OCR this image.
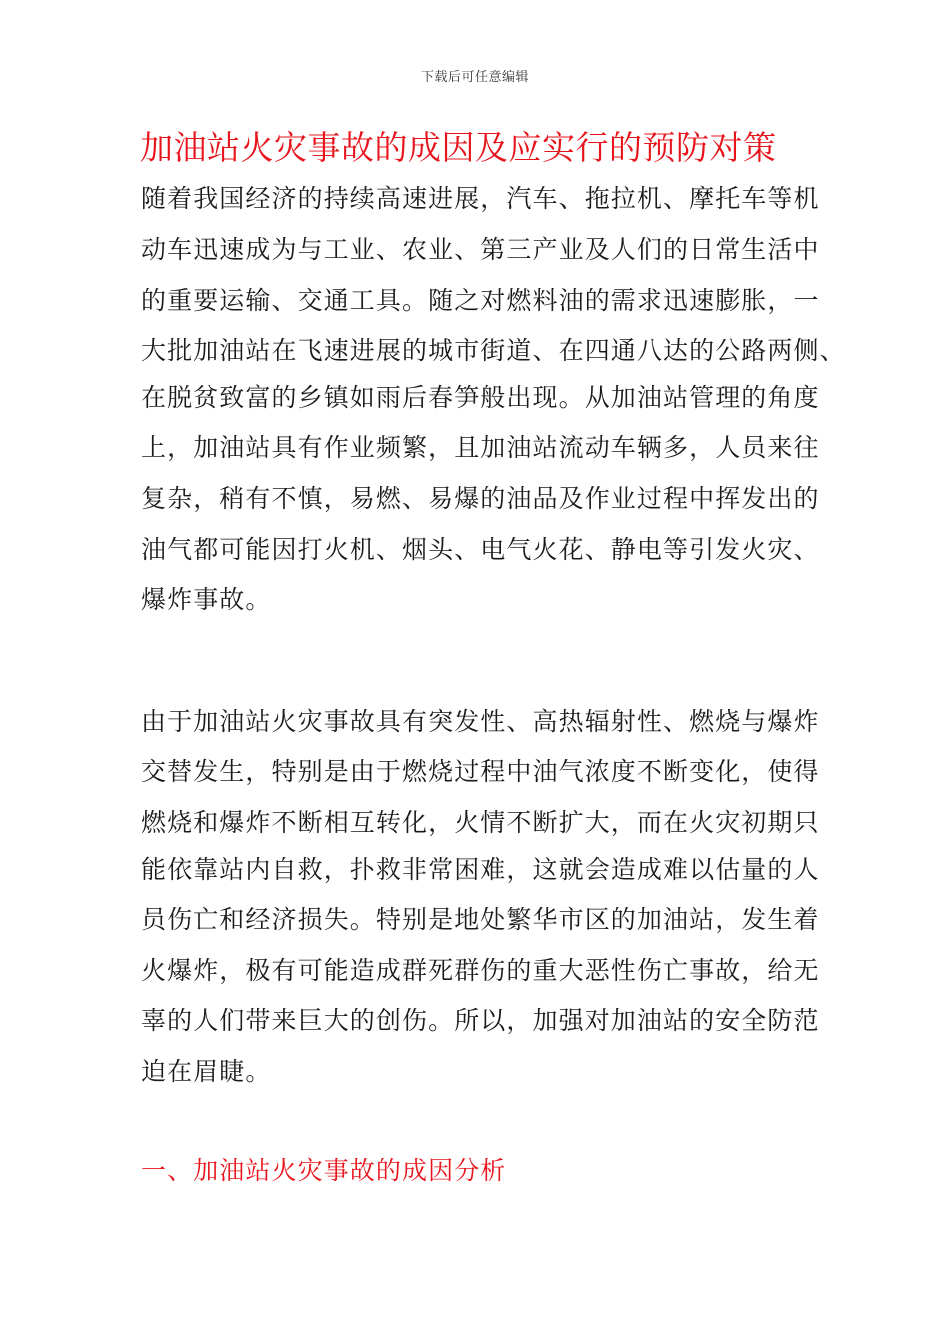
下载后可任意编辑
加油站火灾事故的成因及应实行的预防对策

随着我国经济的持续高速进展，汽车、拖拉机、摩托车等机

动车迅速成为与工业、农业、第三产业及人们的日常生活中

的重要运输、交通工具。随之对燃料油的需求迅速膨胀，一

大批加油站在飞速进展的城市街道、在四通八达的公路两侧、

在脱贫致富的乡镇如雨后春笋般出现。从加油站管理的角度

上，加油站具有作业频繁，且加油站流动车辆多，人员来往

复杂，稍有不慎，易燃、易爆的油品及作业过程中挥发出的

油气都可能因打火机、烟头、电气火花、静电等引发火灾、

爆炸事故。

由于加油站火灾事故具有突发性、高热辐射性、燃烧与爆炸

交替发生，特别是由于燃烧过程中油气浓度不断变化，使得

燃烧和爆炸不断相互转化，火情不断扩大，而在火灾初期只

能依靠站内自救，扑救非常困难，这就会造成难以估量的人

员伤亡和经济损失。特别是地处繁华市区的加油站，发生着

火爆炸，极有可能造成群死群伤的重大恶性伤亡事故，给无

辜的人们带来巨大的创伤。所以，加强对加油站的安全防范

迫在眉睫。

一、加油站火灾事故的成因分析
